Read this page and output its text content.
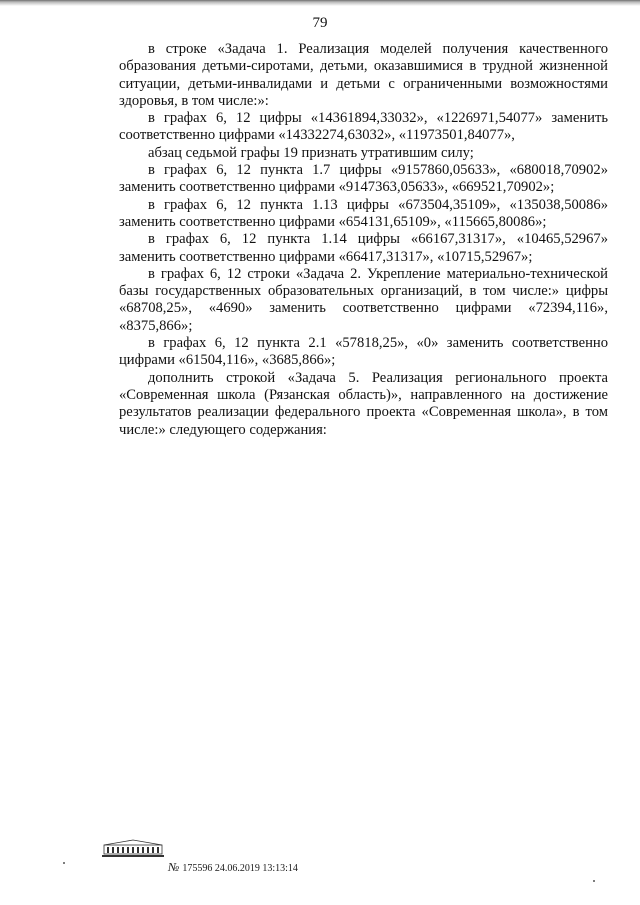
79

в строке «Задача 1. Реализация моделей получения качественного образования детьми-сиротами, детьми, оказавшимися в трудной жизненной ситуации, детьми-инвалидами и детьми с ограниченными возможностями здоровья, в том числе:»:

в графах 6, 12 цифры «14361894,33032», «1226971,54077» заменить соответственно цифрами «14332274,63032», «11973501,84077»,

абзац седьмой графы 19 признать утратившим силу;

в графах 6, 12 пункта 1.7 цифры «9157860,05633», «680018,70902» заменить соответственно цифрами «9147363,05633», «669521,70902»;

в графах 6, 12 пункта 1.13 цифры «673504,35109», «135038,50086» заменить соответственно цифрами «654131,65109», «115665,80086»;

в графах 6, 12 пункта 1.14 цифры «66167,31317», «10465,52967» заменить соответственно цифрами «66417,31317», «10715,52967»;

в графах 6, 12 строки «Задача 2. Укрепление материально-технической базы государственных образовательных организаций, в том числе:» цифры «68708,25», «4690» заменить соответственно цифрами «72394,116», «8375,866»;

в графах 6, 12 пункта 2.1 «57818,25», «0» заменить соответственно цифрами «61504,116», «3685,866»;

дополнить строкой «Задача 5. Реализация регионального проекта «Современная школа (Рязанская область)», направленного на достижение результатов реализации федерального проекта «Современная школа», в том числе:» следующего содержания:

№ 175596 24.06.2019 13:13:14
